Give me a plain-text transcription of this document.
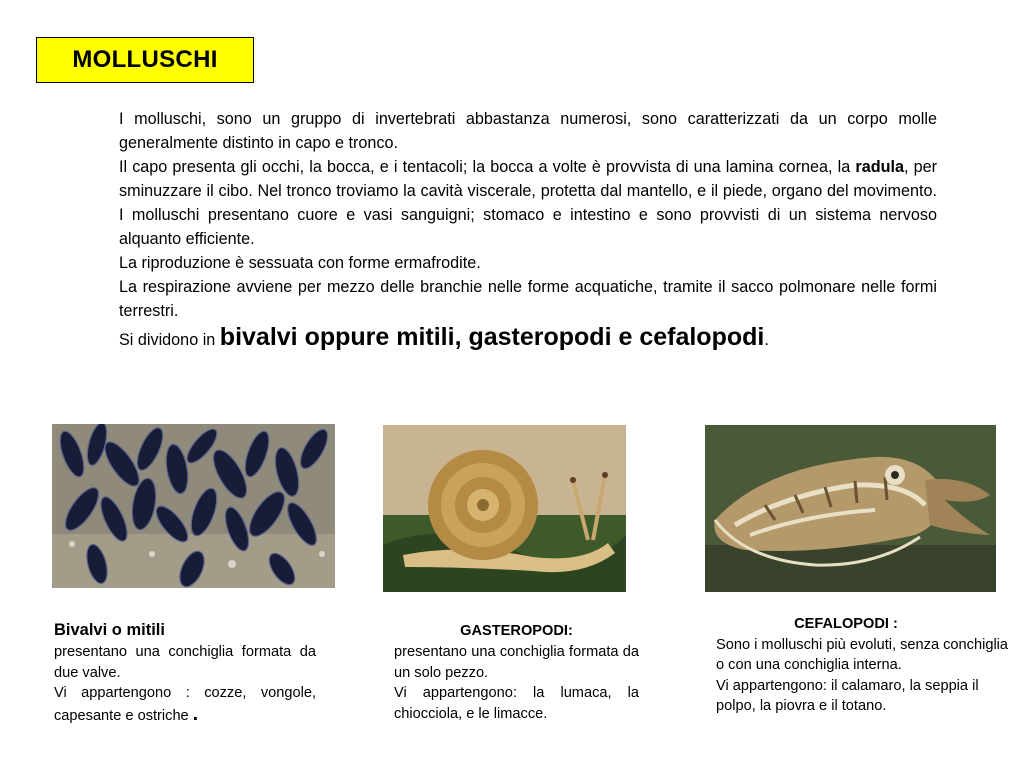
MOLLUSCHI

I molluschi, sono un gruppo di invertebrati abbastanza numerosi, sono caratterizzati da un corpo molle generalmente distinto in capo e tronco.

Il capo presenta gli occhi, la bocca, e i tentacoli; la bocca a volte è provvista di una lamina cornea, la radula, per sminuzzare il cibo. Nel tronco troviamo la cavità viscerale, protetta dal mantello, e il piede, organo del movimento. I molluschi presentano cuore e vasi sanguigni; stomaco e intestino e sono provvisti di un sistema nervoso alquanto efficiente.

La riproduzione è sessuata con forme ermafrodite.

La respirazione avviene per mezzo delle branchie nelle forme acquatiche, tramite il sacco polmonare nelle formi terrestri.

Si dividono in bivalvi oppure mitili, gasteropodi e cefalopodi.

Bivalvi o mitili

presentano una conchiglia formata da due valve.

Vi appartengono : cozze, vongole, capesante e ostriche .

GASTEROPODI:

presentano una conchiglia formata da un solo pezzo.

Vi appartengono: la lumaca, la chiocciola, e le limacce.

CEFALOPODI :

Sono i molluschi più evoluti, senza conchiglia o con una conchiglia interna.

Vi appartengono: il calamaro, la seppia il polpo, la piovra e il totano.
